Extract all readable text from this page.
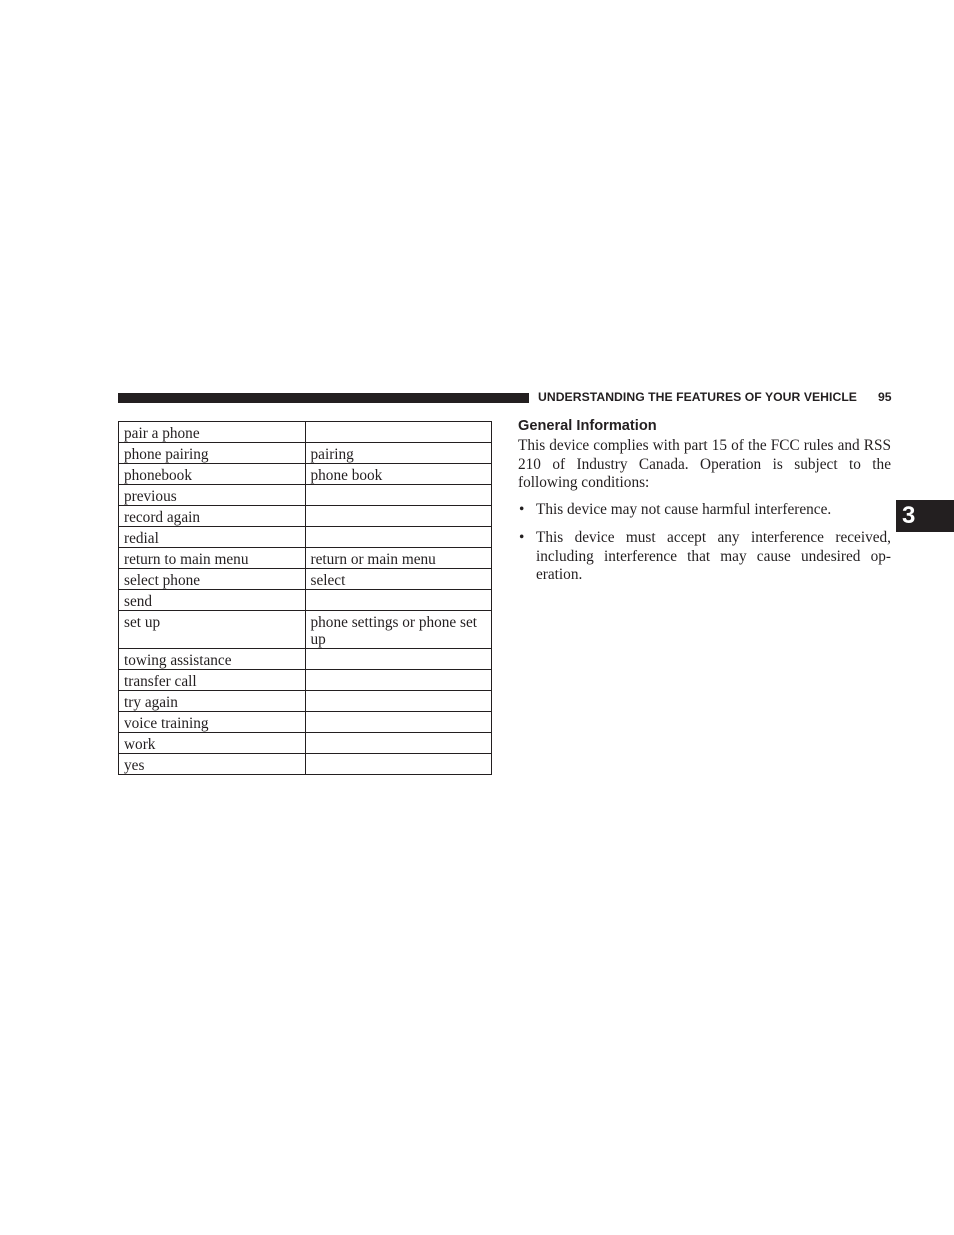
UNDERSTANDING THE FEATURES OF YOUR VEHICLE 95
3
pair a phone	
phone pairing	pairing
phonebook	phone book
previous	
record again	
redial	
return to main menu	return or main menu
select phone	select
send	
set up	phone settings or phone set up
towing assistance	
transfer call	
try again	
voice training	
work	
yes	
General Information

This device complies with part 15 of the FCC rules and RSS 210 of Industry Canada. Operation is subject to the following conditions:

• This device may not cause harmful interference.
• This device must accept any interference received, including interference that may cause undesired op-eration.
